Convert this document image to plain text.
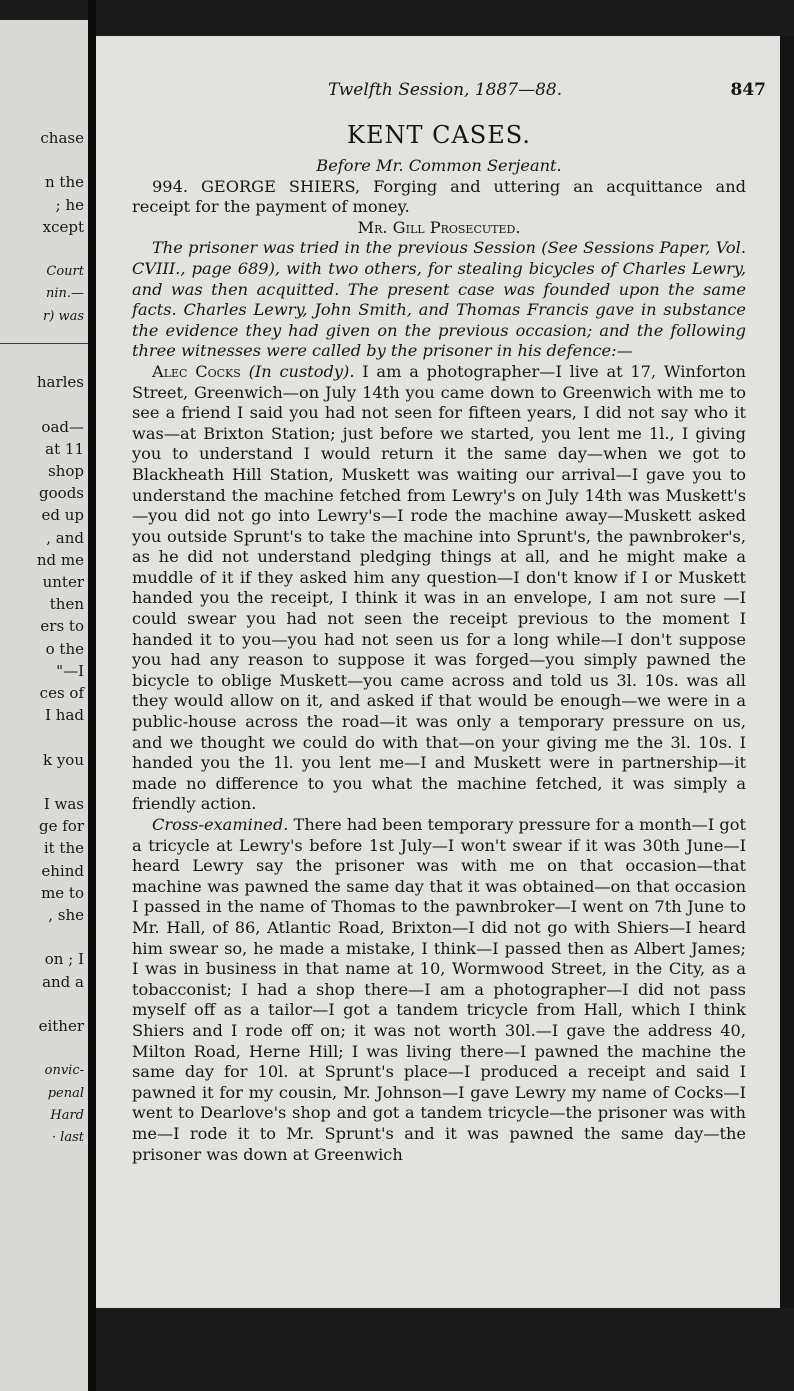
chase
n the
; he
xcept
Court
nin.—
r) was
harles
oad—
at 11
shop
goods
ed up
, and
nd me
unter
then
ers to
o the
"—I
ces of
I had
k you
I was
ge for
it the
ehind
me to
, she
on ; I
and a
either
onvic-
penal
Hard
· last
Twelfth Session, 1887—88.	847
KENT CASES.

Before Mr. Common Serjeant.

994. GEORGE SHIERS, Forging and uttering an acquittance and receipt for the payment of money.

Mr. Gill Prosecuted.

The prisoner was tried in the previous Session (See Sessions Paper, Vol. CVIII., page 689), with two others, for stealing bicycles of Charles Lewry, and was then acquitted. The present case was founded upon the same facts. Charles Lewry, John Smith, and Thomas Francis gave in substance the evidence they had given on the previous occasion; and the following three witnesses were called by the prisoner in his defence:—

Alec Cocks (In custody). I am a photographer—I live at 17, Winforton Street, Greenwich—on July 14th you came down to Greenwich with me to see a friend I said you had not seen for fifteen years, I did not say who it was—at Brixton Station; just before we started, you lent me 1l., I giving you to understand I would return it the same day—when we got to Blackheath Hill Station, Muskett was waiting our arrival—I gave you to understand the machine fetched from Lewry's on July 14th was Muskett's—you did not go into Lewry's—I rode the machine away—Muskett asked you outside Sprunt's to take the machine into Sprunt's, the pawnbroker's, as he did not understand pledging things at all, and he might make a muddle of it if they asked him any question—I don't know if I or Muskett handed you the receipt, I think it was in an envelope, I am not sure —I could swear you had not seen the receipt previous to the moment I handed it to you—you had not seen us for a long while—I don't suppose you had any reason to suppose it was forged—you simply pawned the bicycle to oblige Muskett—you came across and told us 3l. 10s. was all they would allow on it, and asked if that would be enough—we were in a public-house across the road—it was only a temporary pressure on us, and we thought we could do with that—on your giving me the 3l. 10s. I handed you the 1l. you lent me—I and Muskett were in partnership—it made no difference to you what the machine fetched, it was simply a friendly action.

Cross-examined. There had been temporary pressure for a month—I got a tricycle at Lewry's before 1st July—I won't swear if it was 30th June—I heard Lewry say the prisoner was with me on that occasion—that machine was pawned the same day that it was obtained—on that occasion I passed in the name of Thomas to the pawnbroker—I went on 7th June to Mr. Hall, of 86, Atlantic Road, Brixton—I did not go with Shiers—I heard him swear so, he made a mistake, I think—I passed then as Albert James; I was in business in that name at 10, Wormwood Street, in the City, as a tobacconist; I had a shop there—I am a photographer—I did not pass myself off as a tailor—I got a tandem tricycle from Hall, which I think Shiers and I rode off on; it was not worth 30l.—I gave the address 40, Milton Road, Herne Hill; I was living there—I pawned the machine the same day for 10l. at Sprunt's place—I produced a receipt and said I pawned it for my cousin, Mr. Johnson—I gave Lewry my name of Cocks—I went to Dearlove's shop and got a tandem tricycle—the prisoner was with me—I rode it to Mr. Sprunt's and it was pawned the same day—the prisoner was down at Greenwich
